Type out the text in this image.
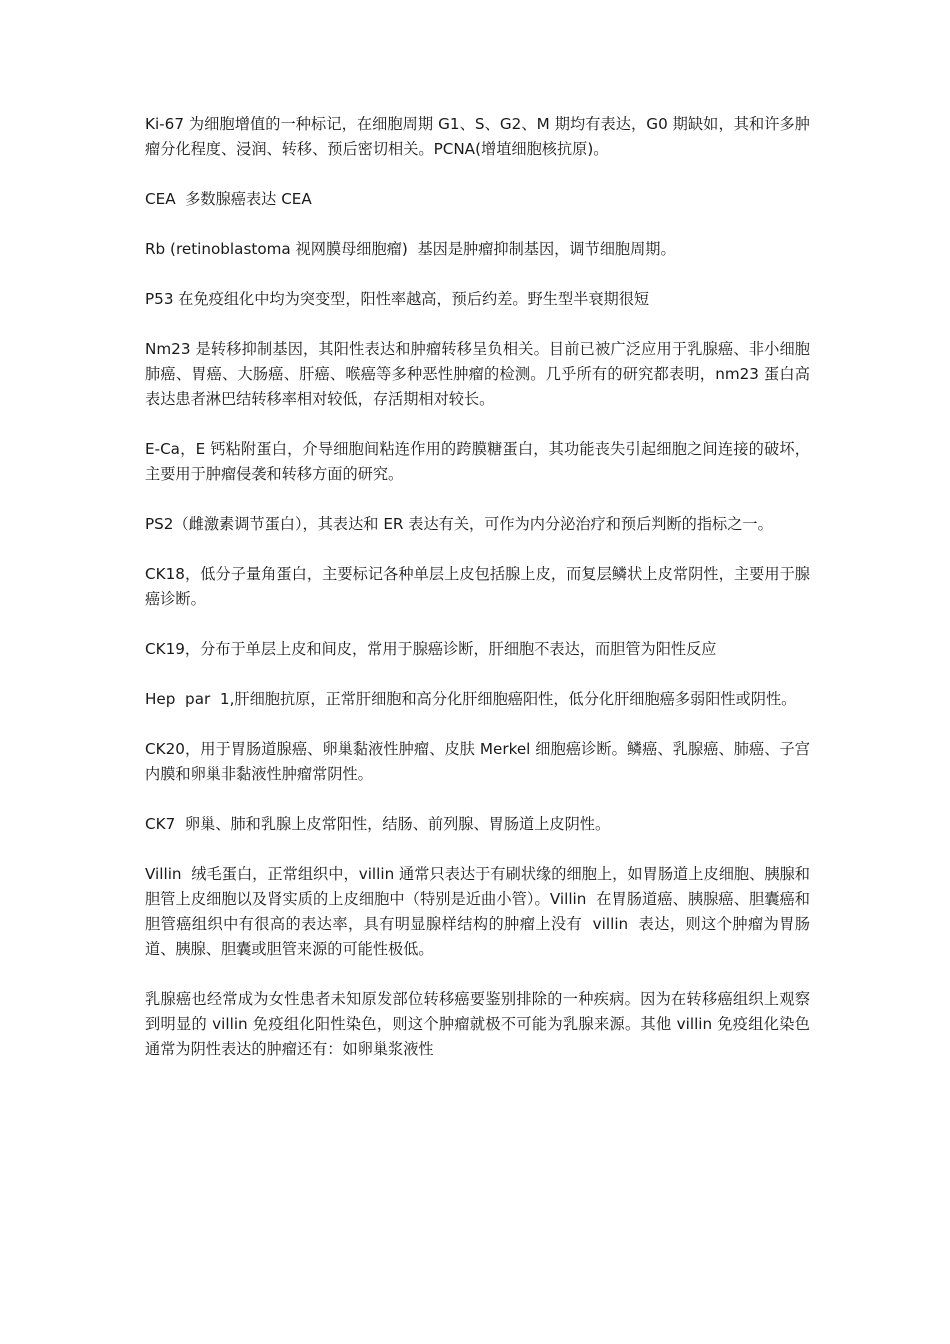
Ki-67 为细胞增值的一种标记，在细胞周期 G1、S、G2、M 期均有表达，G0 期缺如，其和许多肿瘤分化程度、浸润、转移、预后密切相关。PCNA(增埴细胞核抗原)。

CEA  多数腺癌表达 CEA

Rb (retinoblastoma 视网膜母细胞瘤)  基因是肿瘤抑制基因，调节细胞周期。

P53 在免疫组化中均为突变型，阳性率越高，预后约差。野生型半衰期很短

Nm23 是转移抑制基因，其阳性表达和肿瘤转移呈负相关。目前已被广泛应用于乳腺癌、非小细胞肺癌、胃癌、大肠癌、肝癌、喉癌等多种恶性肿瘤的检测。几乎所有的研究都表明，nm23 蛋白高表达患者淋巴结转移率相对较低，存活期相对较长。

E-Ca，E 钙粘附蛋白，介导细胞间粘连作用的跨膜糖蛋白，其功能丧失引起细胞之间连接的破坏，主要用于肿瘤侵袭和转移方面的研究。

PS2（雌激素调节蛋白），其表达和 ER 表达有关，可作为内分泌治疗和预后判断的指标之一。

CK18，低分子量角蛋白，主要标记各种单层上皮包括腺上皮，而复层鳞状上皮常阴性，主要用于腺癌诊断。

CK19，分布于单层上皮和间皮，常用于腺癌诊断，肝细胞不表达，而胆管为阳性反应

Hep  par  1,肝细胞抗原，正常肝细胞和高分化肝细胞癌阳性，低分化肝细胞癌多弱阳性或阴性。

CK20，用于胃肠道腺癌、卵巢黏液性肿瘤、皮肤 Merkel 细胞癌诊断。鳞癌、乳腺癌、肺癌、子宫内膜和卵巢非黏液性肿瘤常阴性。

CK7  卵巢、肺和乳腺上皮常阳性，结肠、前列腺、胃肠道上皮阴性。

Villin  绒毛蛋白，正常组织中，villin 通常只表达于有刷状缘的细胞上，如胃肠道上皮细胞、胰腺和胆管上皮细胞以及肾实质的上皮细胞中（特别是近曲小管）。Villin  在胃肠道癌、胰腺癌、胆囊癌和胆管癌组织中有很高的表达率，具有明显腺样结构的肿瘤上没有  villin  表达，则这个肿瘤为胃肠道、胰腺、胆囊或胆管来源的可能性极低。

乳腺癌也经常成为女性患者未知原发部位转移癌要鉴别排除的一种疾病。因为在转移癌组织上观察到明显的 villin 免疫组化阳性染色，则这个肿瘤就极不可能为乳腺来源。其他 villin 免疫组化染色通常为阴性表达的肿瘤还有：如卵巢浆液性
